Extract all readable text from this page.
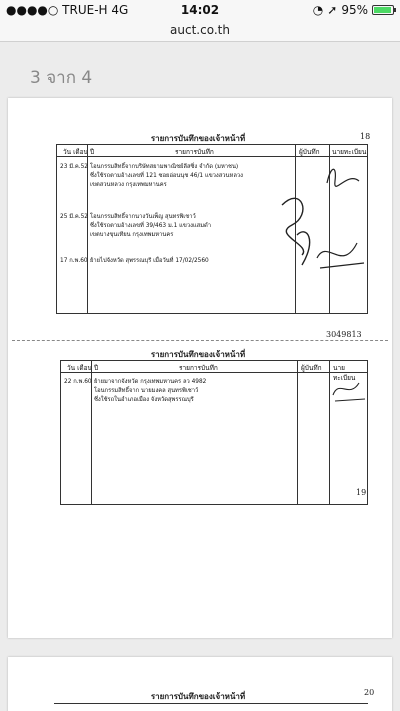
●●●●○ TRUE-H 4G	14:02	◔ ➚ 95%
auct.co.th
3 จาก 4
รายการบันทึกของเจ้าหน้าที่	18
วัน เดือน ปี	รายการบันทึก	ผู้บันทึก นายทะเบียน
23 มี.ค.52 โอนกรรมสิทธิ์จากบริษัทสยามพาณิชย์ลีสซิ่ง จำกัด (มหาชน)
ซึ่งใช้รถตามอ้างเลขที่ 121 ซอยอ่อนนุช 46/1 แขวงสวนหลวง
เขตสวนหลวง กรุงเทพมหานคร
25 มี.ค.52 โอนกรรมสิทธิ์จากนางวันเพ็ญ สุนทรพิเชาว์
ซึ่งใช้รถตามอ้างเลขที่ 39/463 ม.1 แขวงแสมดำ
เขตบางขุนเทียน กรุงเทพมหานคร
17 ก.พ.60 ย้ายไปจังหวัด สุพรรณบุรี เมื่อวันที่ 17/02/2560
3049813
รายการบันทึกของเจ้าหน้าที่
วัน เดือน ปี	รายการบันทึก	ผู้บันทึก นายทะเบียน
22 ก.พ.60 ย้ายมาจากจังหวัด กรุงเทพมหานคร ลว 4982
โอนกรรมสิทธิ์จาก นายมงคล สุนทรพิเชาว์
ซึ่งใช้รถในอำเภอเมือง จังหวัดสุพรรณบุรี
19
รายการบันทึกของเจ้าหน้าที่	20
